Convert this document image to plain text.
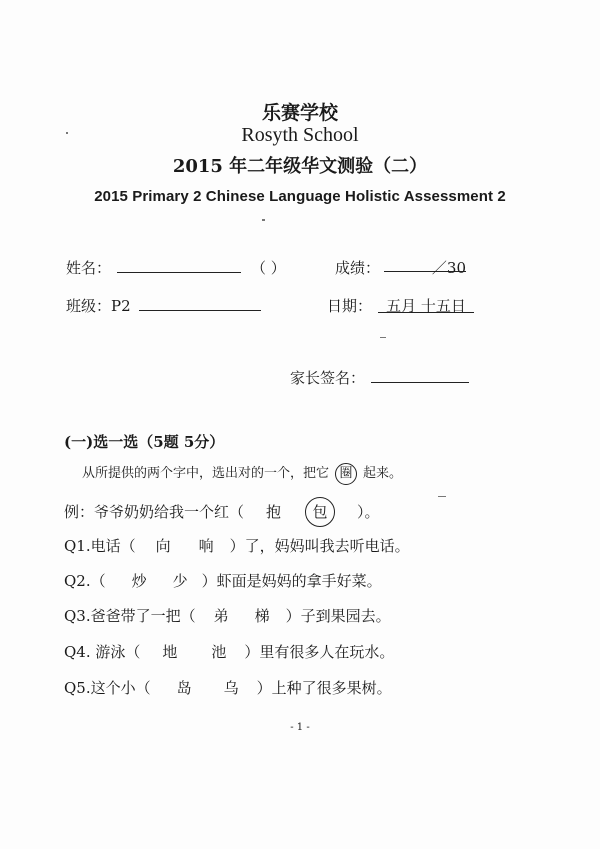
乐赛学校
Rosyth School
2015 年二年级华文测验（二）
2015 Primary 2 Chinese Language Holistic Assessment 2
姓名：	（ ）	成绩：	／30
班级：P2	日期： 五月 十五日
家长签名：
(一)选一选（5题 5分）
从所提供的两个字中，选出对的一个，把它 圈 起来。
例：爷爷奶奶给我一个红（ 抱 包 ）。
Q1.电话（ 向 响 ）了，妈妈叫我去听电话。
Q2.（ 炒 少 ）虾面是妈妈的拿手好菜。
Q3.爸爸带了一把（ 弟 梯 ）子到果园去。
Q4. 游泳（ 地 池 ）里有很多人在玩水。
Q5.这个小（ 岛 乌 ）上种了很多果树。
- 1 -
